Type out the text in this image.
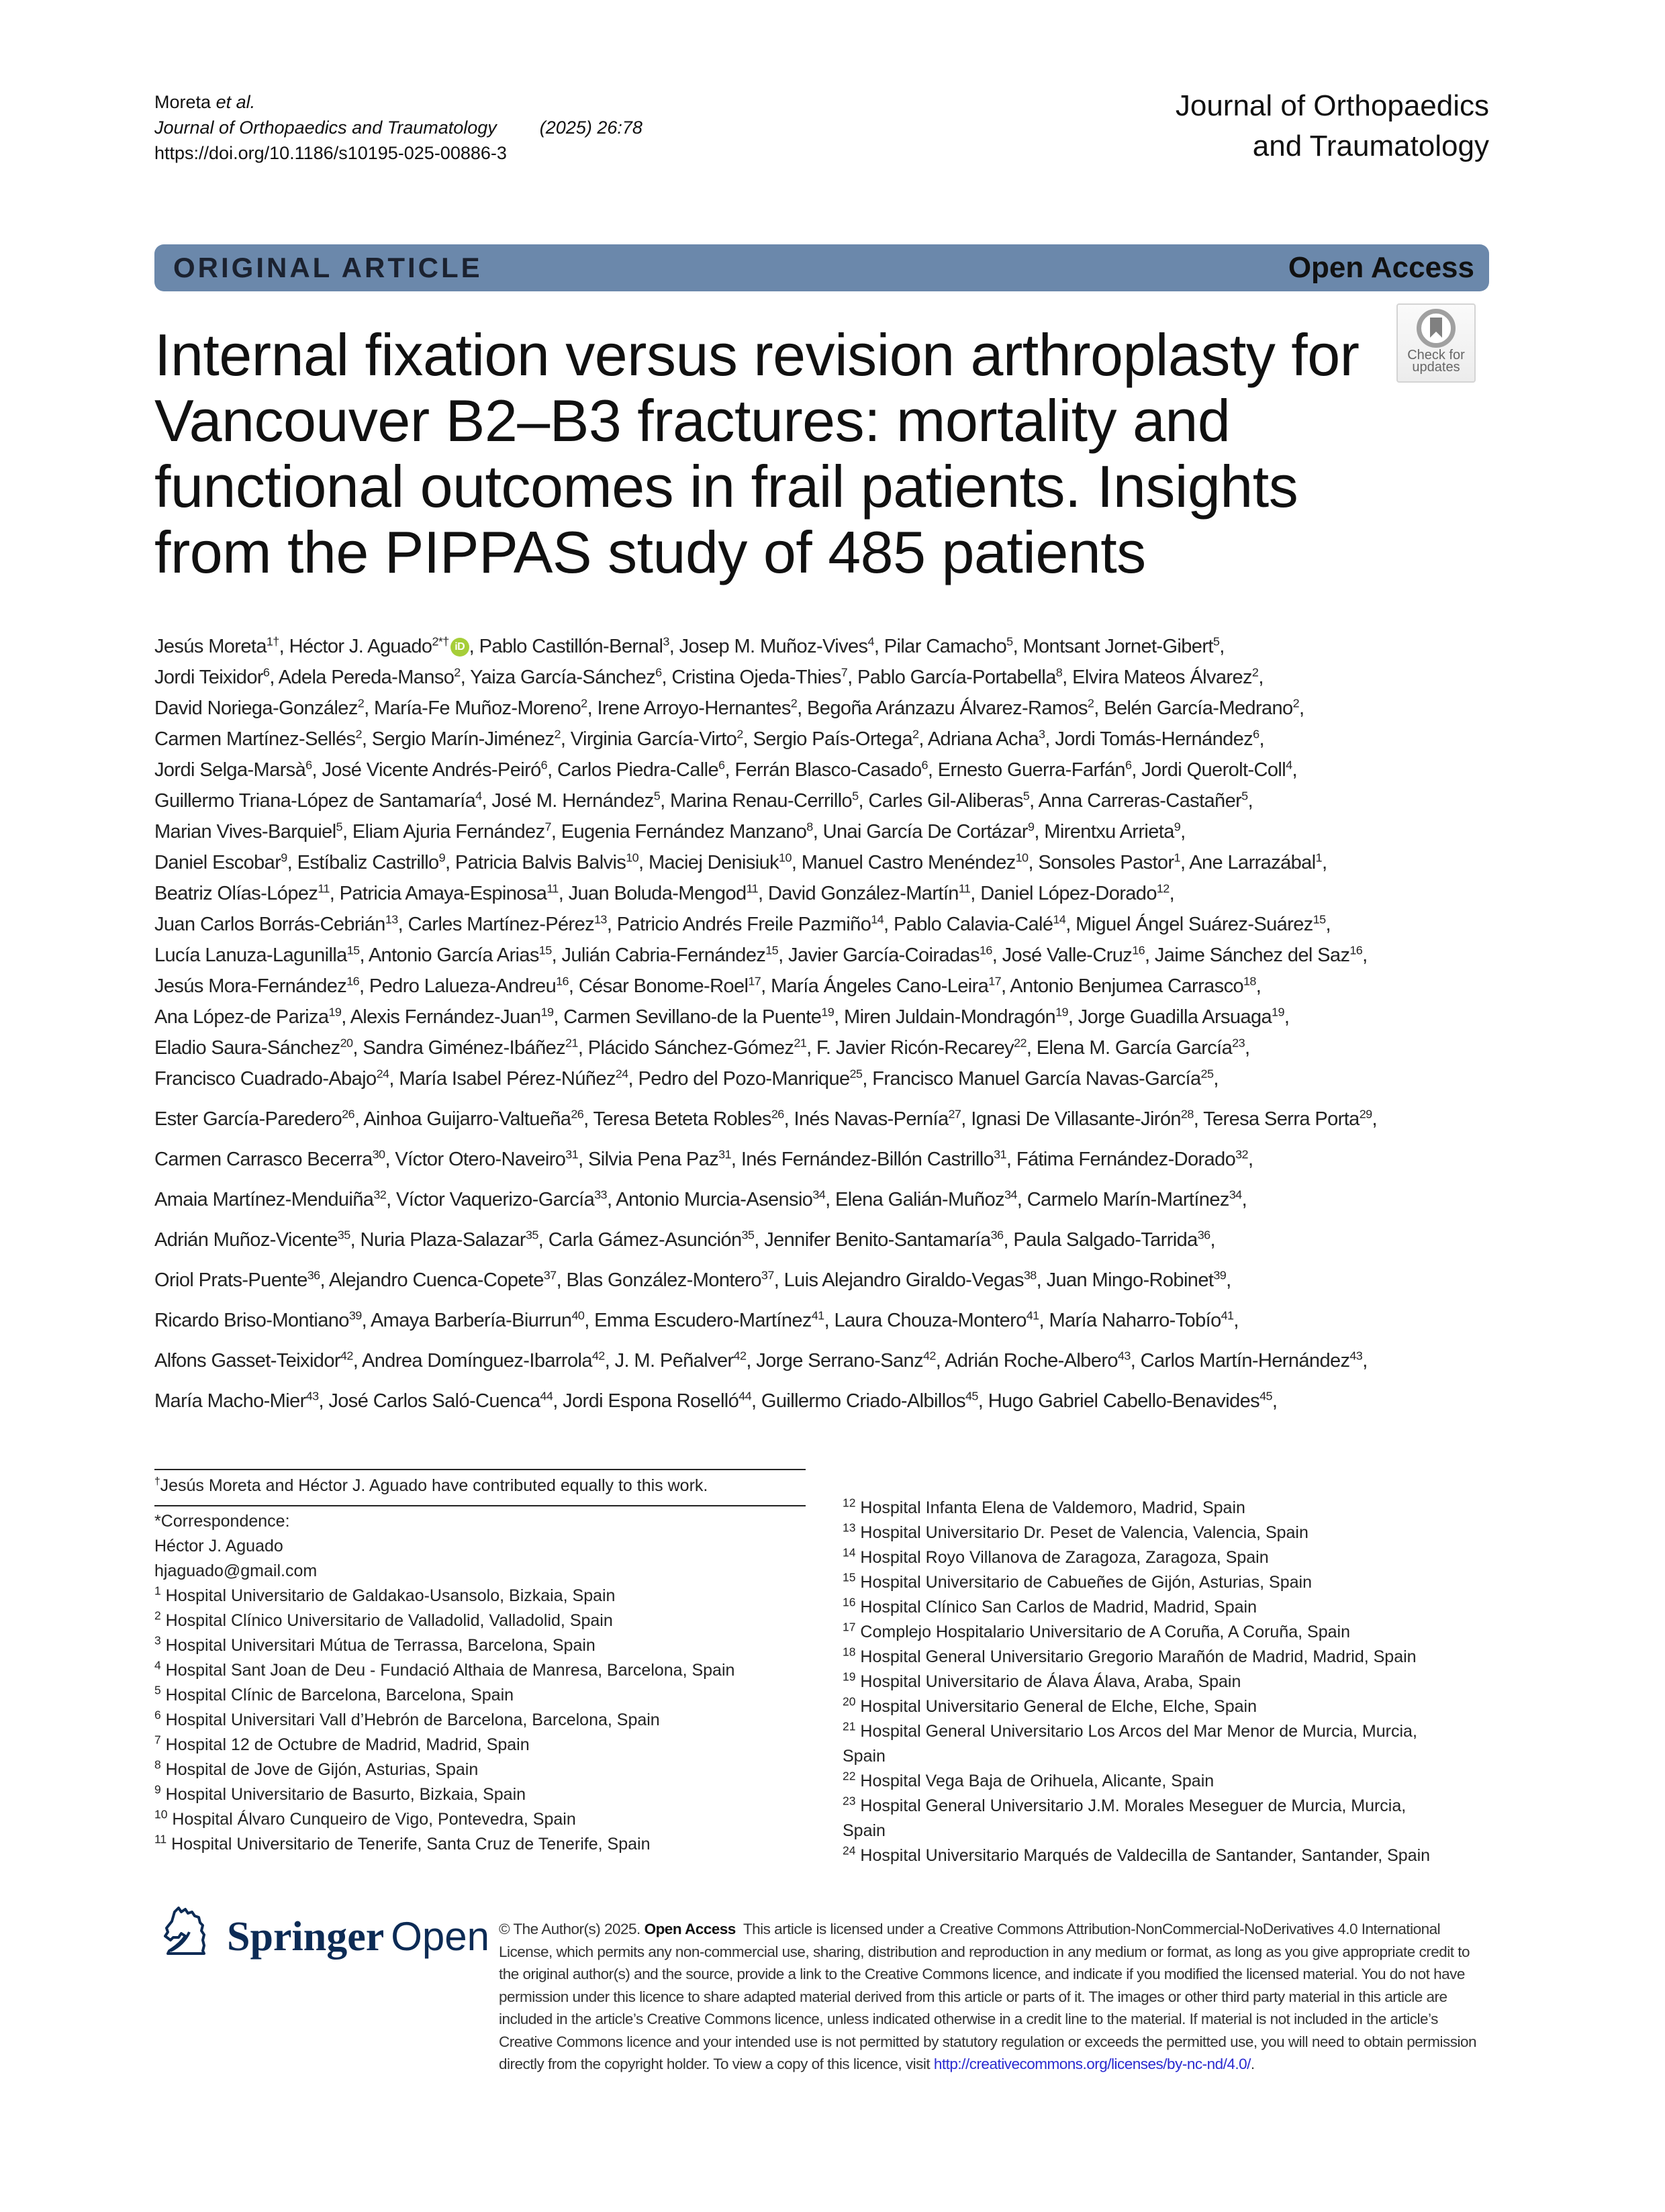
Moreta et al.
Journal of Orthopaedics and Traumatology (2025) 26:78
https://doi.org/10.1186/s10195-025-00886-3
Journal of Orthopaedics
and Traumatology
ORIGINAL ARTICLE	Open Access
Internal fixation versus revision arthroplasty for Vancouver B2–B3 fractures: mortality and functional outcomes in frail patients. Insights from the PIPPAS study of 485 patients
Check for
updates
Jesús Moreta$^{1\dagger}$, Héctor J. Aguado$^{2*\dagger}$ iD , Pablo Castillón-Bernal$^3$, Josep M. Muñoz-Vives$^4$, Pilar Camacho$^5$, Montsant Jornet-Gibert$^5$,
Jordi Teixidor$^6$, Adela Pereda-Manso$^2$, Yaiza García-Sánchez$^6$, Cristina Ojeda-Thies$^7$, Pablo García-Portabella$^8$, Elvira Mateos Álvarez$^2$,
David Noriega-González$^2$, María-Fe Muñoz-Moreno$^2$, Irene Arroyo-Hernantes$^2$, Begoña Aránzazu Álvarez-Ramos$^2$, Belén García-Medrano$^2$,
Carmen Martínez-Sellés$^2$, Sergio Marín-Jiménez$^2$, Virginia García-Virto$^2$, Sergio País-Ortega$^2$, Adriana Acha$^3$, Jordi Tomás-Hernández$^6$,
Jordi Selga-Marsà$^6$, José Vicente Andrés-Peiró$^6$, Carlos Piedra-Calle$^6$, Ferrán Blasco-Casado$^6$, Ernesto Guerra-Farfán$^6$, Jordi Querolt-Coll$^4$,
Guillermo Triana-López de Santamaría$^4$, José M. Hernández$^5$, Marina Renau-Cerrillo$^5$, Carles Gil-Aliberas$^5$, Anna Carreras-Castañer$^5$,
Marian Vives-Barquiel$^5$, Eliam Ajuria Fernández$^7$, Eugenia Fernández Manzano$^8$, Unai García De Cortázar$^9$, Mirentxu Arrieta$^9$,
Daniel Escobar$^9$, Estíbaliz Castrillo$^9$, Patricia Balvis Balvis$^{10}$, Maciej Denisiuk$^{10}$, Manuel Castro Menéndez$^{10}$, Sonsoles Pastor$^1$, Ane Larrazábal$^1$,
Beatriz Olías-López$^{11}$, Patricia Amaya-Espinosa$^{11}$, Juan Boluda-Mengod$^{11}$, David González-Martín$^{11}$, Daniel López-Dorado$^{12}$,
Juan Carlos Borrás-Cebrián$^{13}$, Carles Martínez-Pérez$^{13}$, Patricio Andrés Freile Pazmiño$^{14}$, Pablo Calavia-Calé$^{14}$, Miguel Ángel Suárez-Suárez$^{15}$,
Lucía Lanuza-Lagunilla$^{15}$, Antonio García Arias$^{15}$, Julián Cabria-Fernández$^{15}$, Javier García-Coiradas$^{16}$, José Valle-Cruz$^{16}$, Jaime Sánchez del Saz$^{16}$,
Jesús Mora-Fernández$^{16}$, Pedro Lalueza-Andreu$^{16}$, César Bonome-Roel$^{17}$, María Ángeles Cano-Leira$^{17}$, Antonio Benjumea Carrasco$^{18}$,
Ana López-de Pariza$^{19}$, Alexis Fernández-Juan$^{19}$, Carmen Sevillano-de la Puente$^{19}$, Miren Juldain-Mondragón$^{19}$, Jorge Guadilla Arsuaga$^{19}$,
Eladio Saura-Sánchez$^{20}$, Sandra Giménez-Ibáñez$^{21}$, Plácido Sánchez-Gómez$^{21}$, F. Javier Ricón-Recarey$^{22}$, Elena M. García García$^{23}$,
Francisco Cuadrado-Abajo$^{24}$, María Isabel Pérez-Núñez$^{24}$, Pedro del Pozo-Manrique$^{25}$, Francisco Manuel García Navas-García$^{25}$,
Ester García-Paredero$^{26}$, Ainhoa Guijarro-Valtueña$^{26}$, Teresa Beteta Robles$^{26}$, Inés Navas-Pernía$^{27}$, Ignasi De Villasante-Jirón$^{28}$, Teresa Serra Porta$^{29}$,
Carmen Carrasco Becerra$^{30}$, Víctor Otero-Naveiro$^{31}$, Silvia Pena Paz$^{31}$, Inés Fernández-Billón Castrillo$^{31}$, Fátima Fernández-Dorado$^{32}$,
Amaia Martínez-Menduiña$^{32}$, Víctor Vaquerizo-García$^{33}$, Antonio Murcia-Asensio$^{34}$, Elena Galián-Muñoz$^{34}$, Carmelo Marín-Martínez$^{34}$,
Adrián Muñoz-Vicente$^{35}$, Nuria Plaza-Salazar$^{35}$, Carla Gámez-Asunción$^{35}$, Jennifer Benito-Santamaría$^{36}$, Paula Salgado-Tarrida$^{36}$,
Oriol Prats-Puente$^{36}$, Alejandro Cuenca-Copete$^{37}$, Blas González-Montero$^{37}$, Luis Alejandro Giraldo-Vegas$^{38}$, Juan Mingo-Robinet$^{39}$,
Ricardo Briso-Montiano$^{39}$, Amaya Barbería-Biurrun$^{40}$, Emma Escudero-Martínez$^{41}$, Laura Chouza-Montero$^{41}$, María Naharro-Tobío$^{41}$,
Alfons Gasset-Teixidor$^{42}$, Andrea Domínguez-Ibarrola$^{42}$, J. M. Peñalver$^{42}$, Jorge Serrano-Sanz$^{42}$, Adrián Roche-Albero$^{43}$, Carlos Martín-Hernández$^{43}$,
María Macho-Mier$^{43}$, José Carlos Saló-Cuenca$^{44}$, Jordi Espona Roselló$^{44}$, Guillermo Criado-Albillos$^{45}$, Hugo Gabriel Cabello-Benavides$^{45}$,
†Jesús Moreta and Héctor J. Aguado have contributed equally to this work.
*Correspondence:
Héctor J. Aguado
hjaguado@gmail.com
$^1$ Hospital Universitario de Galdakao-Usansolo, Bizkaia, Spain
$^2$ Hospital Clínico Universitario de Valladolid, Valladolid, Spain
$^3$ Hospital Universitari Mútua de Terrassa, Barcelona, Spain
$^4$ Hospital Sant Joan de Deu - Fundació Althaia de Manresa, Barcelona, Spain
$^5$ Hospital Clínic de Barcelona, Barcelona, Spain
$^6$ Hospital Universitari Vall d’Hebrón de Barcelona, Barcelona, Spain
$^7$ Hospital 12 de Octubre de Madrid, Madrid, Spain
$^8$ Hospital de Jove de Gijón, Asturias, Spain
$^9$ Hospital Universitario de Basurto, Bizkaia, Spain
$^{10}$ Hospital Álvaro Cunqueiro de Vigo, Pontevedra, Spain
$^{11}$ Hospital Universitario de Tenerife, Santa Cruz de Tenerife, Spain
$^{12}$ Hospital Infanta Elena de Valdemoro, Madrid, Spain
$^{13}$ Hospital Universitario Dr. Peset de Valencia, Valencia, Spain
$^{14}$ Hospital Royo Villanova de Zaragoza, Zaragoza, Spain
$^{15}$ Hospital Universitario de Cabueñes de Gijón, Asturias, Spain
$^{16}$ Hospital Clínico San Carlos de Madrid, Madrid, Spain
$^{17}$ Complejo Hospitalario Universitario de A Coruña, A Coruña, Spain
$^{18}$ Hospital General Universitario Gregorio Marañón de Madrid, Madrid, Spain
$^{19}$ Hospital Universitario de Álava Álava, Araba, Spain
$^{20}$ Hospital Universitario General de Elche, Elche, Spain
$^{21}$ Hospital General Universitario Los Arcos del Mar Menor de Murcia, Murcia, Spain
$^{22}$ Hospital Vega Baja de Orihuela, Alicante, Spain
$^{23}$ Hospital General Universitario J.M. Morales Meseguer de Murcia, Murcia, Spain
$^{24}$ Hospital Universitario Marqués de Valdecilla de Santander, Santander, Spain
Springer Open © The Author(s) 2025. Open Access This article is licensed under a Creative Commons Attribution-NonCommercial-NoDerivatives 4.0 International License, which permits any non-commercial use, sharing, distribution and reproduction in any medium or format, as long as you give appropriate credit to the original author(s) and the source, provide a link to the Creative Commons licence, and indicate if you modified the licensed material. You do not have permission under this licence to share adapted material derived from this article or parts of it. The images or other third party material in this article are included in the article’s Creative Commons licence, unless indicated otherwise in a credit line to the material. If material is not included in the article’s Creative Commons licence and your intended use is not permitted by statutory regulation or exceeds the permitted use, you will need to obtain permission directly from the copyright holder. To view a copy of this licence, visit http://creativecommons.org/licenses/by-nc-nd/4.0/.
